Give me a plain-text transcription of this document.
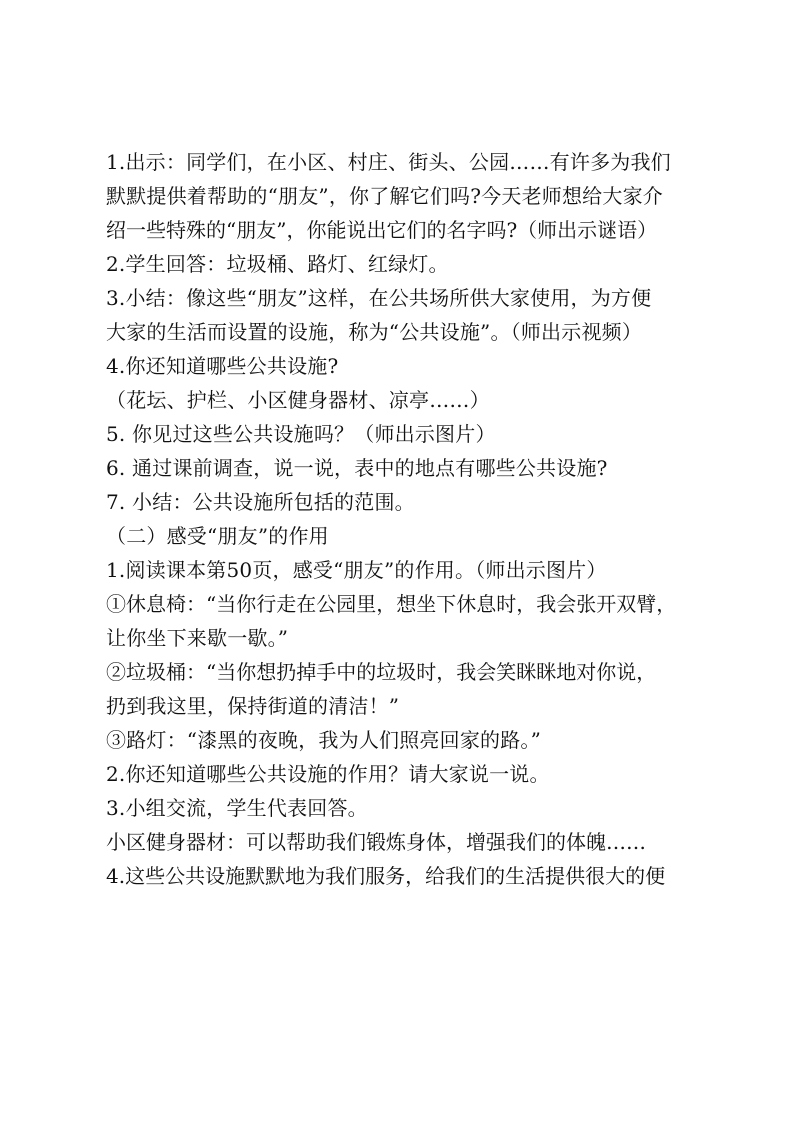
1.出示：同学们，在小区、村庄、街头、公园……有许多为我们
默默提供着帮助的“朋友”，你了解它们吗?今天老师想给大家介
绍一些特殊的“朋友”，你能说出它们的名字吗?（师出示谜语）
2.学生回答：垃圾桶、路灯、红绿灯。
3.小结：像这些“朋友”这样，在公共场所供大家使用，为方便
大家的生活而设置的设施，称为“公共设施”。（师出示视频）
4.你还知道哪些公共设施?
（花坛、护栏、小区健身器材、凉亭……）
5. 你见过这些公共设施吗？（师出示图片）
6. 通过课前调查，说一说，表中的地点有哪些公共设施?
7. 小结：公共设施所包括的范围。
（二）感受“朋友”的作用
1.阅读课本第50页，感受“朋友”的作用。（师出示图片）
①休息椅：“当你行走在公园里，想坐下休息时，我会张开双臂，
让你坐下来歇一歇。”
②垃圾桶：“当你想扔掉手中的垃圾时，我会笑眯眯地对你说，
扔到我这里，保持街道的清洁！”
③路灯：“漆黑的夜晚，我为人们照亮回家的路。”
2.你还知道哪些公共设施的作用？请大家说一说。
3.小组交流，学生代表回答。
小区健身器材：可以帮助我们锻炼身体，增强我们的体魄……
4.这些公共设施默默地为我们服务，给我们的生活提供很大的便
